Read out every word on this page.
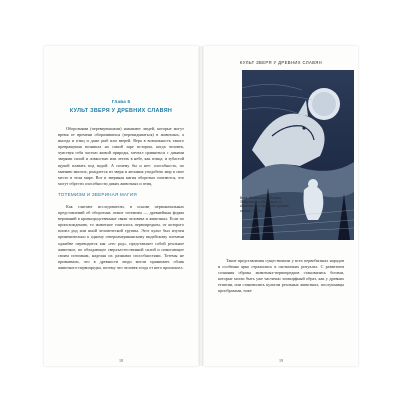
Глава 5
КУЛЬТ ЗВЕРЯ У ДРЕВНИХ СЛАВЯН

Оборотнями (перевертышами) называют людей, которые могут время от времени оборачиваться (перекидываться) в животных, а иногда и птиц и даже рыб или зверей. Вера в возможность такого превращения возникла на самой заре истории, когда человек, чувствуя себя частью живой природы, мечтал сравниться с дикими зверями силой и ловкостью или летать в небе, как птица, и зубастой щукой плавать под водой. А почему бы и нет: способность, по мнению многих, рождается из зверя и желания уподобить мир в свое место в этом мире. Вот и звериная магия оборотни считаются, что могут обрести способности диких животных и птиц.

ТОТЕМИЗМ И ЗВЕРИНАЯ МАГИЯ

Как считают исследователи, в основе первоначальных представлений об оборотнях лежит тотемизм — древнейшая форма верований в кровнородственные связи человека и животных. Если по происхождению, то животное считалось первопредком, от которого пошел род или иной человеческой группы. Этот культ был изучен применительно к одному североамериканскому индейскому племени оджибве переводится как «его род», представляет собой реальное животное, по обладающее сверхъестественной силой и помогающее своим потомкам, наделяя их разными способностями. Тотемы не признавали, что в древности люди могли принимать облик животного-первопредка, потому что человек тогда от него произошел.

18
КУЛЬТ ЗВЕРЯ У ДРЕВНИХ СЛАВЯН
Волк. Иллюстрация Бориса Забирохина к сборнику А. Н. Афанасьева «Народные русские сказки», 2008 г.

Такие представления существовали у всех первобытных народов и особенно ярко отражались в охотничьих ритуалах. С развитием сознания образы животных-первопредков становились богами, которые могли быть уже частично зооморфный образ, как у древних египтян, или становились культом реальных животных, послушницы прообразами, тоже

19
